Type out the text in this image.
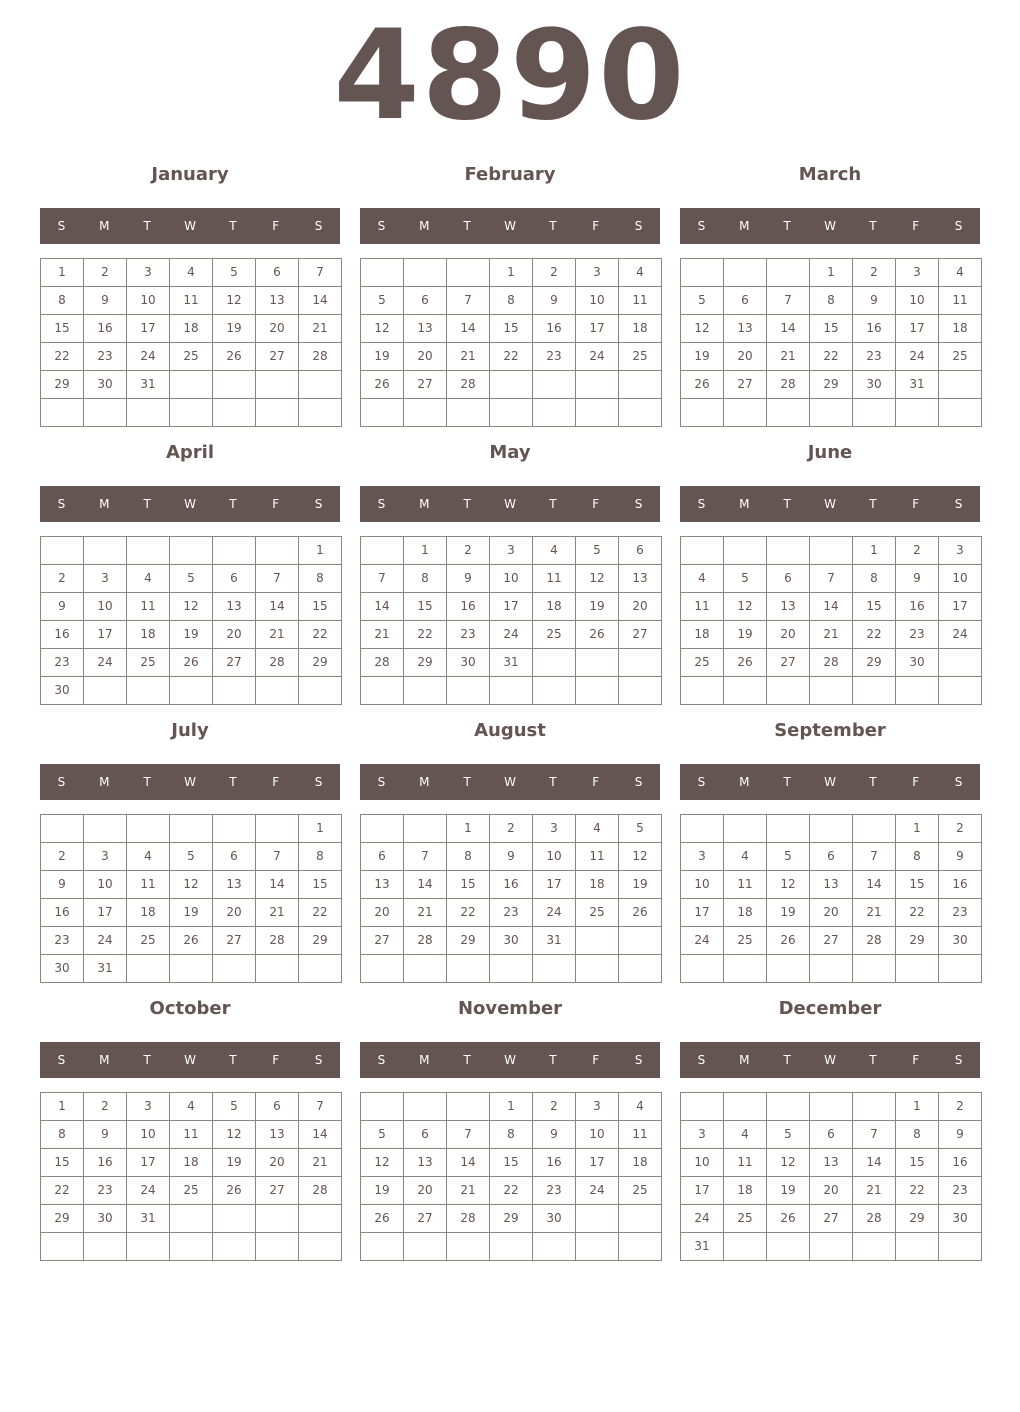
4890
January
S	M	T	W	T	F	S
1	2	3	4	5	6	7
8	9	10	11	12	13	14
15	16	17	18	19	20	21
22	23	24	25	26	27	28
29	30	31				

February
S	M	T	W	T	F	S
			1	2	3	4
5	6	7	8	9	10	11
12	13	14	15	16	17	18
19	20	21	22	23	24	25
26	27	28				

March
S	M	T	W	T	F	S
			1	2	3	4
5	6	7	8	9	10	11
12	13	14	15	16	17	18
19	20	21	22	23	24	25
26	27	28	29	30	31	

April
S	M	T	W	T	F	S
						1
2	3	4	5	6	7	8
9	10	11	12	13	14	15
16	17	18	19	20	21	22
23	24	25	26	27	28	29
30						
May
S	M	T	W	T	F	S
	1	2	3	4	5	6
7	8	9	10	11	12	13
14	15	16	17	18	19	20
21	22	23	24	25	26	27
28	29	30	31			

June
S	M	T	W	T	F	S
				1	2	3
4	5	6	7	8	9	10
11	12	13	14	15	16	17
18	19	20	21	22	23	24
25	26	27	28	29	30	

July
S	M	T	W	T	F	S
						1
2	3	4	5	6	7	8
9	10	11	12	13	14	15
16	17	18	19	20	21	22
23	24	25	26	27	28	29
30	31					
August
S	M	T	W	T	F	S
		1	2	3	4	5
6	7	8	9	10	11	12
13	14	15	16	17	18	19
20	21	22	23	24	25	26
27	28	29	30	31		

September
S	M	T	W	T	F	S
					1	2
3	4	5	6	7	8	9
10	11	12	13	14	15	16
17	18	19	20	21	22	23
24	25	26	27	28	29	30

October
S	M	T	W	T	F	S
1	2	3	4	5	6	7
8	9	10	11	12	13	14
15	16	17	18	19	20	21
22	23	24	25	26	27	28
29	30	31				

November
S	M	T	W	T	F	S
			1	2	3	4
5	6	7	8	9	10	11
12	13	14	15	16	17	18
19	20	21	22	23	24	25
26	27	28	29	30		

December
S	M	T	W	T	F	S
					1	2
3	4	5	6	7	8	9
10	11	12	13	14	15	16
17	18	19	20	21	22	23
24	25	26	27	28	29	30
31						
